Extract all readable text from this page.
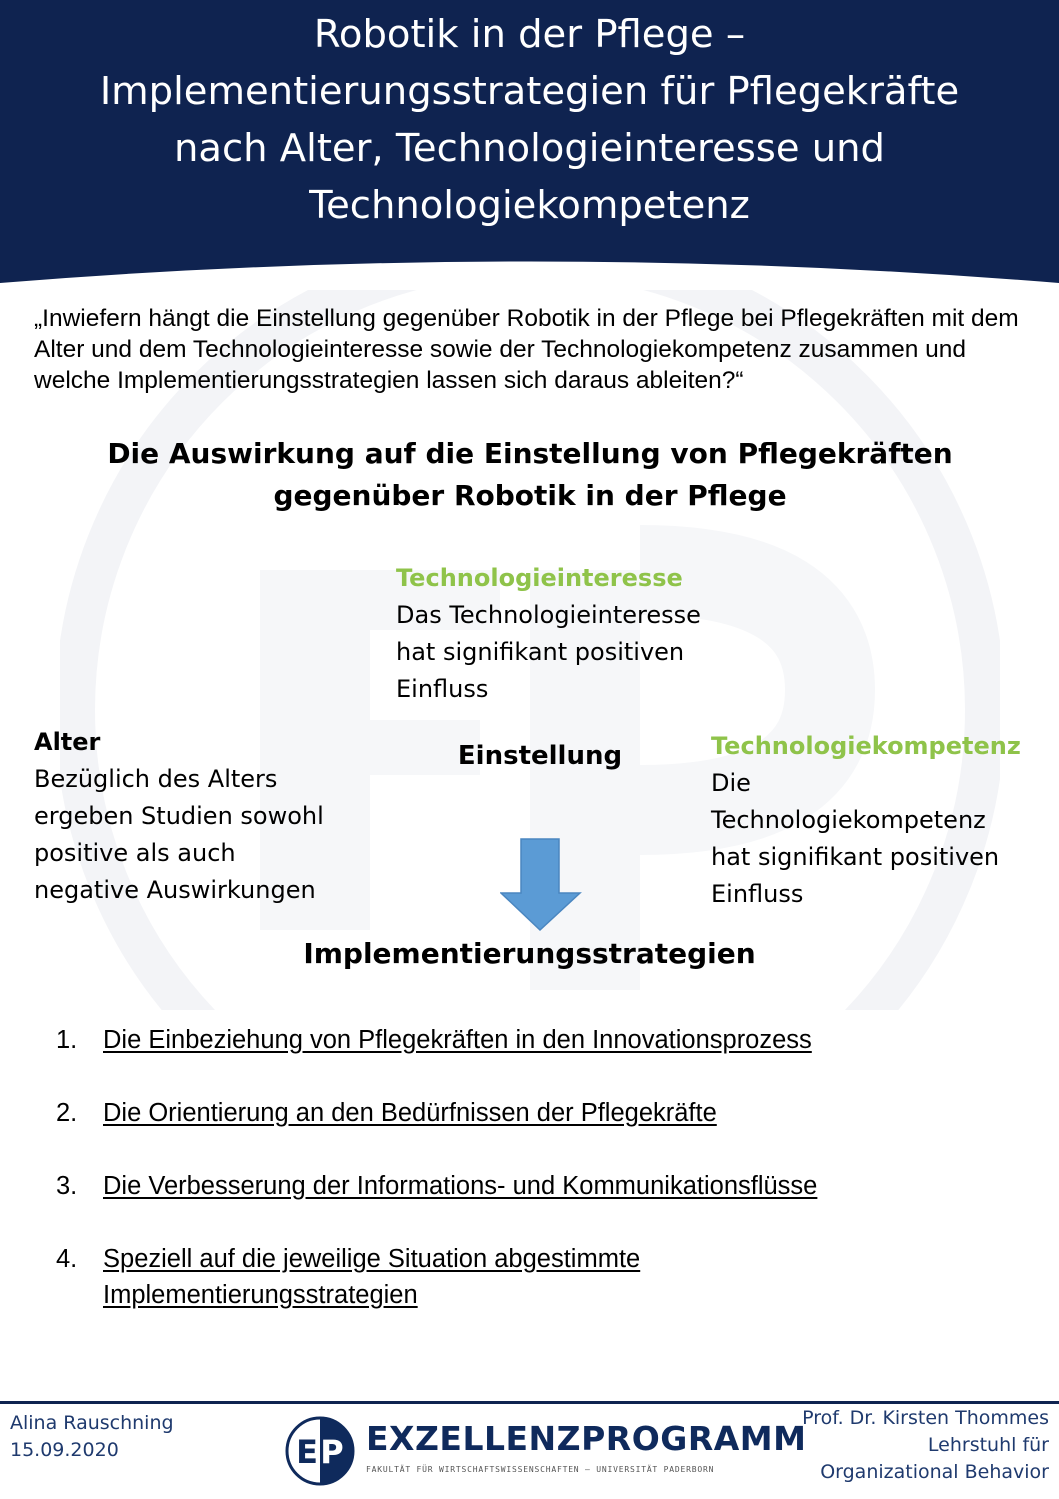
Robotik in der Pflege –
Implementierungsstrategien für Pflegekräfte
nach Alter, Technologieinteresse und
Technologiekompetenz
„Inwiefern hängt die Einstellung gegenüber Robotik in der Pflege bei Pflegekräften mit dem Alter und dem Technologieinteresse sowie der Technologiekompetenz zusammen und welche Implementierungsstrategien lassen sich daraus ableiten?“
Die Auswirkung auf die Einstellung von Pflegekräften
gegenüber Robotik in der Pflege
Technologieinteresse
Das Technologieinteresse
hat signifikant positiven
Einfluss
Alter
Bezüglich des Alters
ergeben Studien sowohl
positive als auch
negative Auswirkungen
Einstellung	Technologiekompetenz
Die
Technologiekompetenz
hat signifikant positiven
Einfluss
Implementierungsstrategien
1.	Die Einbeziehung von Pflegekräften in den Innovationsprozess
2.	Die Orientierung an den Bedürfnissen der Pflegekräfte
3.	Die Verbesserung der Informations- und Kommunikationsflüsse
4.	Speziell auf die jeweilige Situation abgestimmte
Implementierungsstrategien
Alina Rauschning
15.09.2020	E P EXZELLENZPROGRAMM
FAKULTÄT FÜR WIRTSCHAFTSWISSENSCHAFTEN – UNIVERSITÄT PADERBORN
Prof. Dr. Kirsten Thommes
Lehrstuhl für
Organizational Behavior
